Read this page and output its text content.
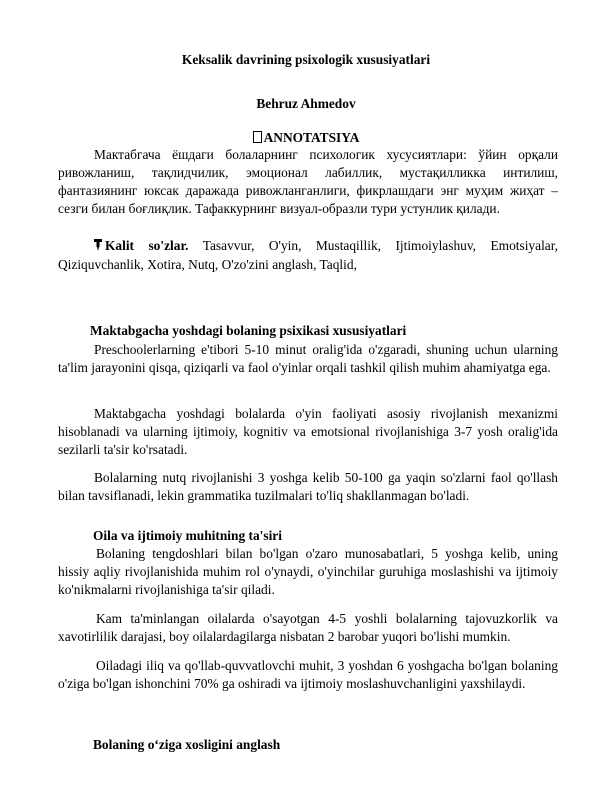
Keksalik davrining psixologik xususiyatlari
Behruz Ahmedov
ANNOTATSIYA
Мактабгача ёшдаги болаларнинг психологик хусусиятлари: ўйин орқали ривожланиш, тақлидчилик, эмоционал лабиллик, мустақилликка интилиш, фантазиянинг юксак даражада ривожланганлиги, фикрлашдаги энг муҳим жиҳат – сезги билан боғлиқлик. Тафаккурнинг визуал-образли тури устунлик қилади.
Kalit so'zlar. Tasavvur, O'yin, Mustaqillik, Ijtimoiylashuv, Emotsiyalar, Qiziquvchanlik, Xotira, Nutq, O'zo'zini anglash, Taqlid,
Maktabgacha yoshdagi bolaning psixikasi xususiyatlari
Preschoolerlarning e'tibori 5-10 minut oralig'ida o'zgaradi, shuning uchun ularning ta'lim jarayonini qisqa, qiziqarli va faol o'yinlar orqali tashkil qilish muhim ahamiyatga ega.
Maktabgacha yoshdagi bolalarda o'yin faoliyati asosiy rivojlanish mexanizmi hisoblanadi va ularning ijtimoiy, kognitiv va emotsional rivojlanishiga 3-7 yosh oralig'ida sezilarli ta'sir ko'rsatadi.
Bolalarning nutq rivojlanishi 3 yoshga kelib 50-100 ga yaqin so'zlarni faol qo'llash bilan tavsiflanadi, lekin grammatika tuzilmalari to'liq shakllanmagan bo'ladi.
Oila va ijtimoiy muhitning ta'siri
Bolaning tengdoshlari bilan bo'lgan o'zaro munosabatlari, 5 yoshga kelib, uning hissiy aqliy rivojlanishida muhim rol o'ynaydi, o'yinchilar guruhiga moslashishi va ijtimoiy ko'nikmalarni rivojlanishiga ta'sir qiladi.
Kam ta'minlangan oilalarda o'sayotgan 4-5 yoshli bolalarning tajovuzkorlik va xavotirlilik darajasi, boy oilalardagilarga nisbatan 2 barobar yuqori bo'lishi mumkin.
Oiladagi iliq va qo'llab-quvvatlovchi muhit, 3 yoshdan 6 yoshgacha bo'lgan bolaning o'ziga bo'lgan ishonchini 70% ga oshiradi va ijtimoiy moslashuvchanligini yaxshilaydi.
Bolaning o‘ziga xosligini anglash
